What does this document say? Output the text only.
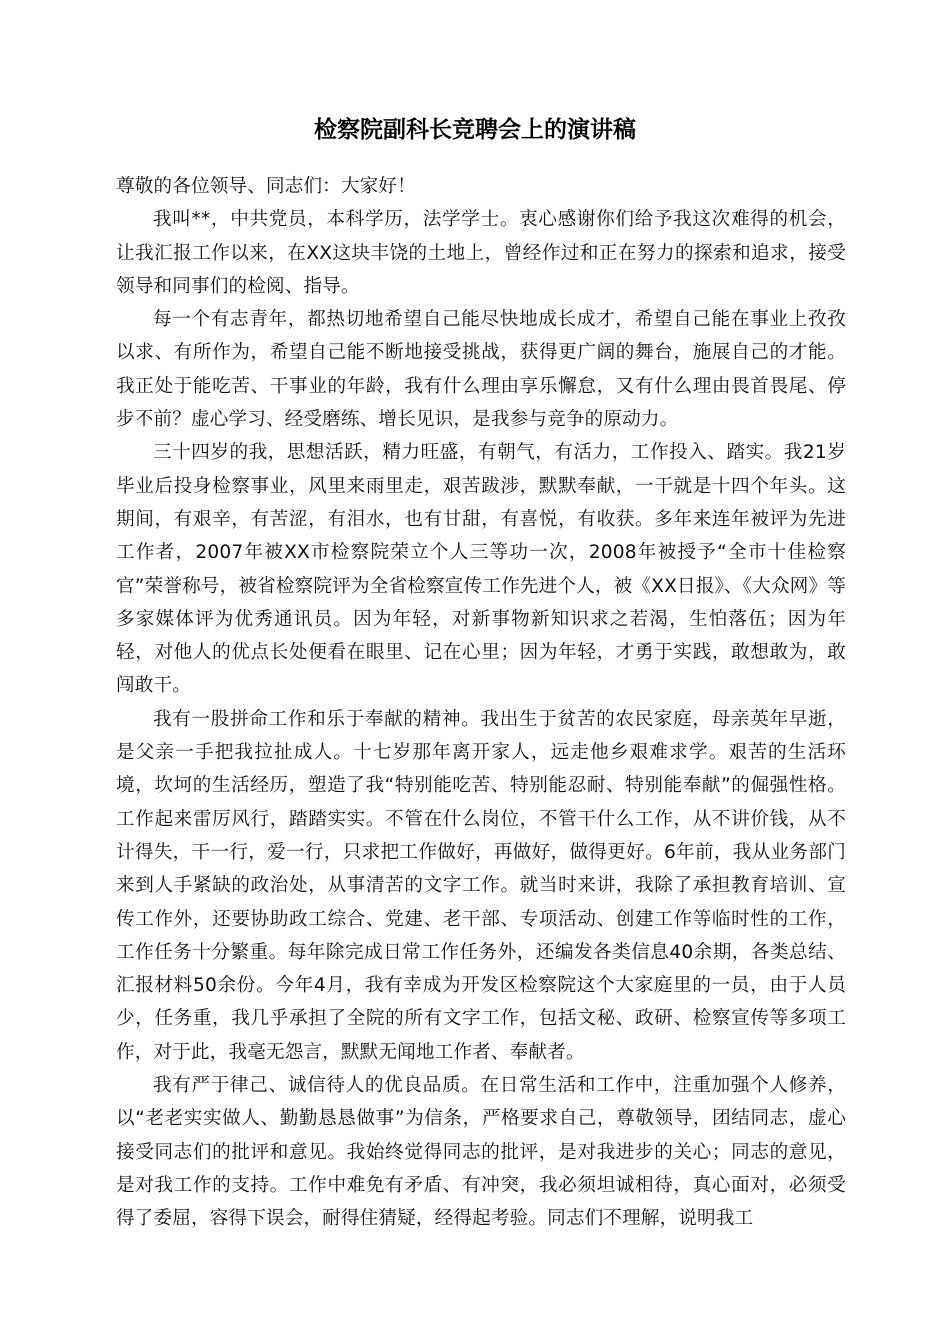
检察院副科长竞聘会上的演讲稿

尊敬的各位领导、同志们：大家好！

我叫**，中共党员，本科学历，法学学士。衷心感谢你们给予我这次难得的机会，让我汇报工作以来，在XX这块丰饶的土地上，曾经作过和正在努力的探索和追求，接受领导和同事们的检阅、指导。

每一个有志青年，都热切地希望自己能尽快地成长成才，希望自己能在事业上孜孜以求、有所作为，希望自己能不断地接受挑战，获得更广阔的舞台，施展自己的才能。我正处于能吃苦、干事业的年龄，我有什么理由享乐懈怠，又有什么理由畏首畏尾、停步不前？虚心学习、经受磨练、增长见识，是我参与竞争的原动力。

三十四岁的我，思想活跃，精力旺盛，有朝气，有活力，工作投入、踏实。我21岁毕业后投身检察事业，风里来雨里走，艰苦跋涉，默默奉献，一干就是十四个年头。这期间，有艰辛，有苦涩，有泪水，也有甘甜，有喜悦，有收获。多年来连年被评为先进工作者，2007年被XX市检察院荣立个人三等功一次，2008年被授予“全市十佳检察官”荣誉称号，被省检察院评为全省检察宣传工作先进个人，被《XX日报》、《大众网》等多家媒体评为优秀通讯员。因为年轻，对新事物新知识求之若渴，生怕落伍；因为年轻，对他人的优点长处便看在眼里、记在心里；因为年轻，才勇于实践，敢想敢为，敢闯敢干。

我有一股拼命工作和乐于奉献的精神。我出生于贫苦的农民家庭，母亲英年早逝，是父亲一手把我拉扯成人。十七岁那年离开家人，远走他乡艰难求学。艰苦的生活环境，坎坷的生活经历，塑造了我“特别能吃苦、特别能忍耐、特别能奉献”的倔强性格。工作起来雷厉风行，踏踏实实。不管在什么岗位，不管干什么工作，从不讲价钱，从不计得失，干一行，爱一行，只求把工作做好，再做好，做得更好。6年前，我从业务部门来到人手紧缺的政治处，从事清苦的文字工作。就当时来讲，我除了承担教育培训、宣传工作外，还要协助政工综合、党建、老干部、专项活动、创建工作等临时性的工作，工作任务十分繁重。每年除完成日常工作任务外，还编发各类信息40余期，各类总结、汇报材料50余份。今年4月，我有幸成为开发区检察院这个大家庭里的一员，由于人员少，任务重，我几乎承担了全院的所有文字工作，包括文秘、政研、检察宣传等多项工作，对于此，我毫无怨言，默默无闻地工作者、奉献者。

我有严于律己、诚信待人的优良品质。在日常生活和工作中，注重加强个人修养，以“老老实实做人、勤勤恳恳做事”为信条，严格要求自己，尊敬领导，团结同志，虚心接受同志们的批评和意见。我始终觉得同志的批评，是对我进步的关心；同志的意见，是对我工作的支持。工作中难免有矛盾、有冲突，我必须坦诚相待，真心面对，必须受得了委屈，容得下误会，耐得住猜疑，经得起考验。同志们不理解，说明我工
